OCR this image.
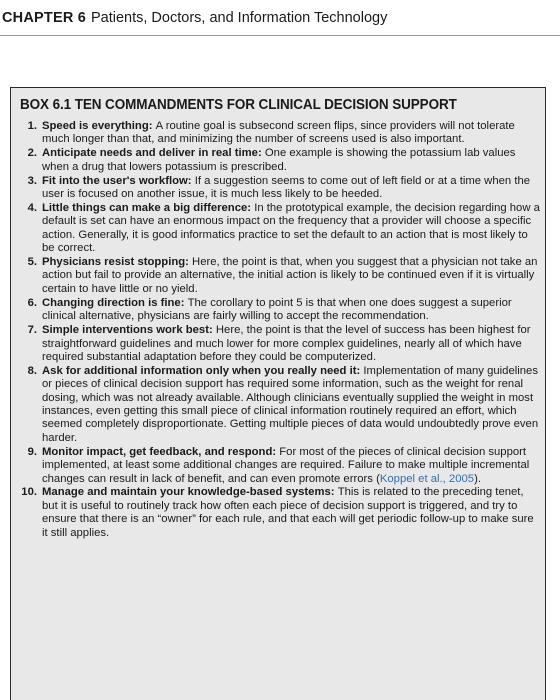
CHAPTER 6 Patients, Doctors, and Information Technology
BOX 6.1 TEN COMMANDMENTS FOR CLINICAL DECISION SUPPORT
1. Speed is everything: A routine goal is subsecond screen flips, since providers will not tolerate much longer than that, and minimizing the number of screens used is also important.
2. Anticipate needs and deliver in real time: One example is showing the potassium lab values when a drug that lowers potassium is prescribed.
3. Fit into the user's workflow: If a suggestion seems to come out of left field or at a time when the user is focused on another issue, it is much less likely to be heeded.
4. Little things can make a big difference: In the prototypical example, the decision regarding how a default is set can have an enormous impact on the frequency that a provider will choose a specific action. Generally, it is good informatics practice to set the default to an action that is most likely to be correct.
5. Physicians resist stopping: Here, the point is that, when you suggest that a physician not take an action but fail to provide an alternative, the initial action is likely to be continued even if it is virtually certain to have little or no yield.
6. Changing direction is fine: The corollary to point 5 is that when one does suggest a superior clinical alternative, physicians are fairly willing to accept the recommendation.
7. Simple interventions work best: Here, the point is that the level of success has been highest for straightforward guidelines and much lower for more complex guidelines, nearly all of which have required substantial adaptation before they could be computerized.
8. Ask for additional information only when you really need it: Implementation of many guidelines or pieces of clinical decision support has required some information, such as the weight for renal dosing, which was not already available. Although clinicians eventually supplied the weight in most instances, even getting this small piece of clinical information routinely required an effort, which seemed completely disproportionate. Getting multiple pieces of data would undoubtedly prove even harder.
9. Monitor impact, get feedback, and respond: For most of the pieces of clinical decision support implemented, at least some additional changes are required. Failure to make multiple incremental changes can result in lack of benefit, and can even promote errors (Koppel et al., 2005).
10. Manage and maintain your knowledge-based systems: This is related to the preceding tenet, but it is useful to routinely track how often each piece of decision support is triggered, and try to ensure that there is an “owner” for each rule, and that each will get periodic follow-up to make sure it still applies.
